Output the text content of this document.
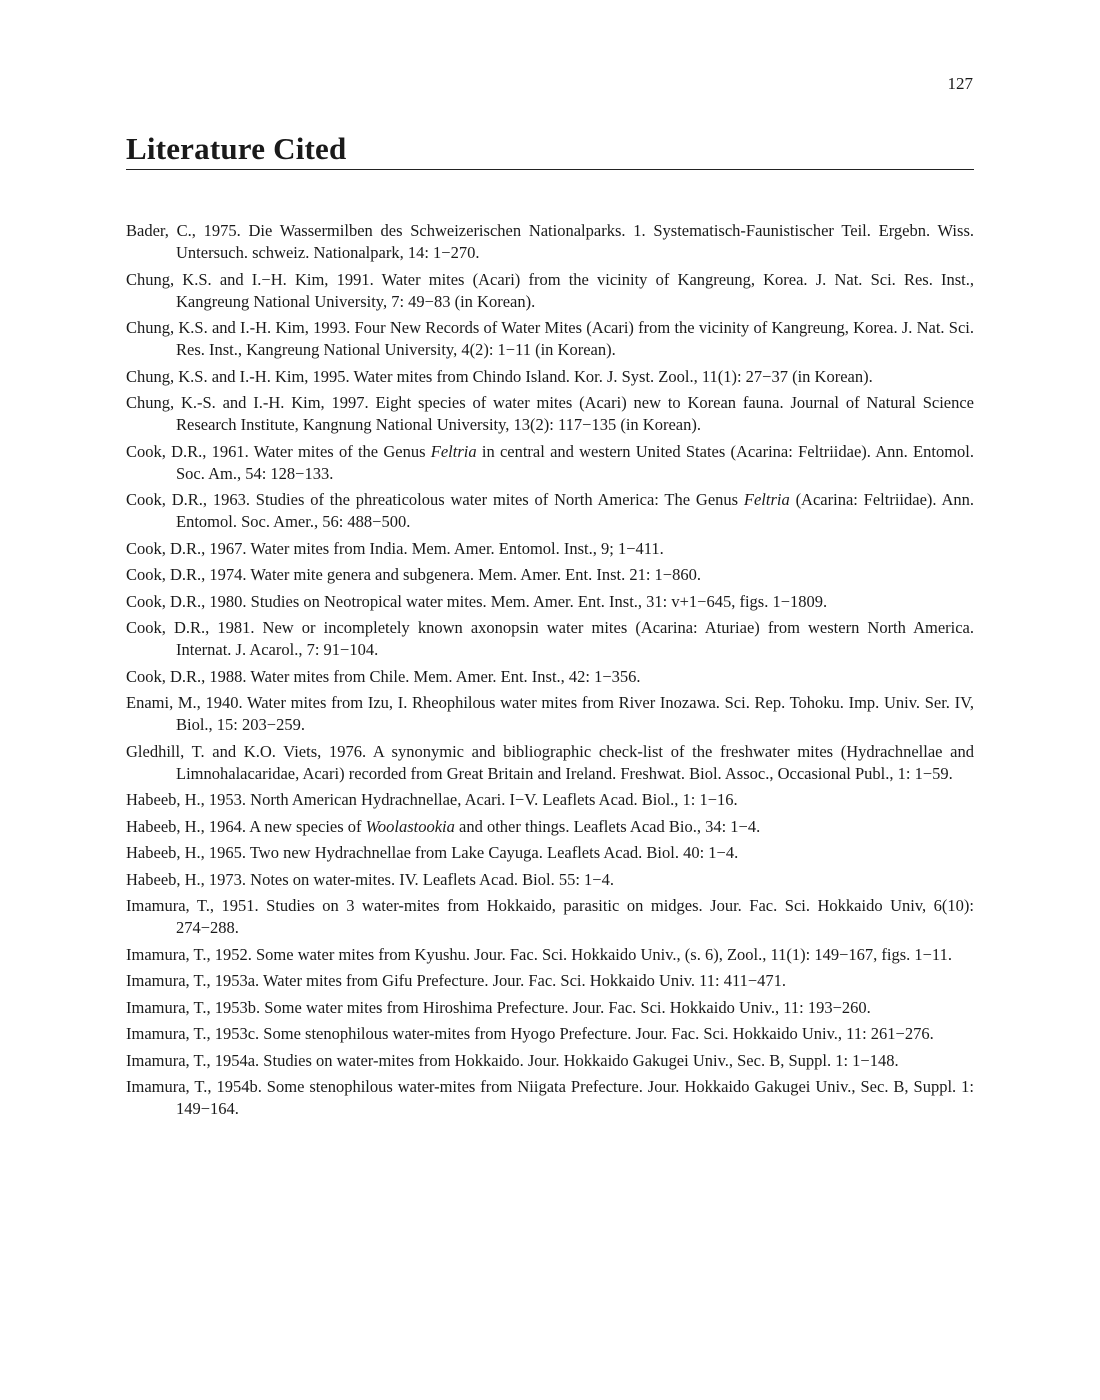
127
Literature Cited

Bader, C., 1975. Die Wassermilben des Schweizerischen Nationalparks. 1. Systematisch-Faunistischer Teil. Ergebn. Wiss. Untersuch. schweiz. Nationalpark, 14: 1−270.

Chung, K.S. and I.−H. Kim, 1991. Water mites (Acari) from the vicinity of Kangreung, Korea. J. Nat. Sci. Res. Inst., Kangreung National University, 7: 49−83 (in Korean).

Chung, K.S. and I.-H. Kim, 1993. Four New Records of Water Mites (Acari) from the vicinity of Kangreung, Korea. J. Nat. Sci. Res. Inst., Kangreung National University, 4(2): 1−11 (in Korean).

Chung, K.S. and I.-H. Kim, 1995. Water mites from Chindo Island. Kor. J. Syst. Zool., 11(1): 27−37 (in Korean).

Chung, K.-S. and I.-H. Kim, 1997. Eight species of water mites (Acari) new to Korean fauna. Journal of Natural Science Research Institute, Kangnung National University, 13(2): 117−135 (in Korean).

Cook, D.R., 1961. Water mites of the Genus Feltria in central and western United States (Acarina: Feltriidae). Ann. Entomol. Soc. Am., 54: 128−133.

Cook, D.R., 1963. Studies of the phreaticolous water mites of North America: The Genus Feltria (Acarina: Feltriidae). Ann. Entomol. Soc. Amer., 56: 488−500.

Cook, D.R., 1967. Water mites from India. Mem. Amer. Entomol. Inst., 9; 1−411.

Cook, D.R., 1974. Water mite genera and subgenera. Mem. Amer. Ent. Inst. 21: 1−860.

Cook, D.R., 1980. Studies on Neotropical water mites. Mem. Amer. Ent. Inst., 31: v+1−645, figs. 1−1809.

Cook, D.R., 1981. New or incompletely known axonopsin water mites (Acarina: Aturiae) from western North America. Internat. J. Acarol., 7: 91−104.

Cook, D.R., 1988. Water mites from Chile. Mem. Amer. Ent. Inst., 42: 1−356.

Enami, M., 1940. Water mites from Izu, I. Rheophilous water mites from River Inozawa. Sci. Rep. Tohoku. Imp. Univ. Ser. IV, Biol., 15: 203−259.

Gledhill, T. and K.O. Viets, 1976. A synonymic and bibliographic check-list of the freshwater mites (Hydrachnellae and Limnohalacaridae, Acari) recorded from Great Britain and Ireland. Freshwat. Biol. Assoc., Occasional Publ., 1: 1−59.

Habeeb, H., 1953. North American Hydrachnellae, Acari. I−V. Leaflets Acad. Biol., 1: 1−16.

Habeeb, H., 1964. A new species of Woolastookia and other things. Leaflets Acad Bio., 34: 1−4.

Habeeb, H., 1965. Two new Hydrachnellae from Lake Cayuga. Leaflets Acad. Biol. 40: 1−4.

Habeeb, H., 1973. Notes on water-mites. IV. Leaflets Acad. Biol. 55: 1−4.

Imamura, T., 1951. Studies on 3 water-mites from Hokkaido, parasitic on midges. Jour. Fac. Sci. Hokkaido Univ, 6(10): 274−288.

Imamura, T., 1952. Some water mites from Kyushu. Jour. Fac. Sci. Hokkaido Univ., (s. 6), Zool., 11(1): 149−167, figs. 1−11.

Imamura, T., 1953a. Water mites from Gifu Prefecture. Jour. Fac. Sci. Hokkaido Univ. 11: 411−471.

Imamura, T., 1953b. Some water mites from Hiroshima Prefecture. Jour. Fac. Sci. Hokkaido Univ., 11: 193−260.

Imamura, T., 1953c. Some stenophilous water-mites from Hyogo Prefecture. Jour. Fac. Sci. Hokkaido Univ., 11: 261−276.

Imamura, T., 1954a. Studies on water-mites from Hokkaido. Jour. Hokkaido Gakugei Univ., Sec. B, Suppl. 1: 1−148.

Imamura, T., 1954b. Some stenophilous water-mites from Niigata Prefecture. Jour. Hokkaido Gakugei Univ., Sec. B, Suppl. 1: 149−164.
